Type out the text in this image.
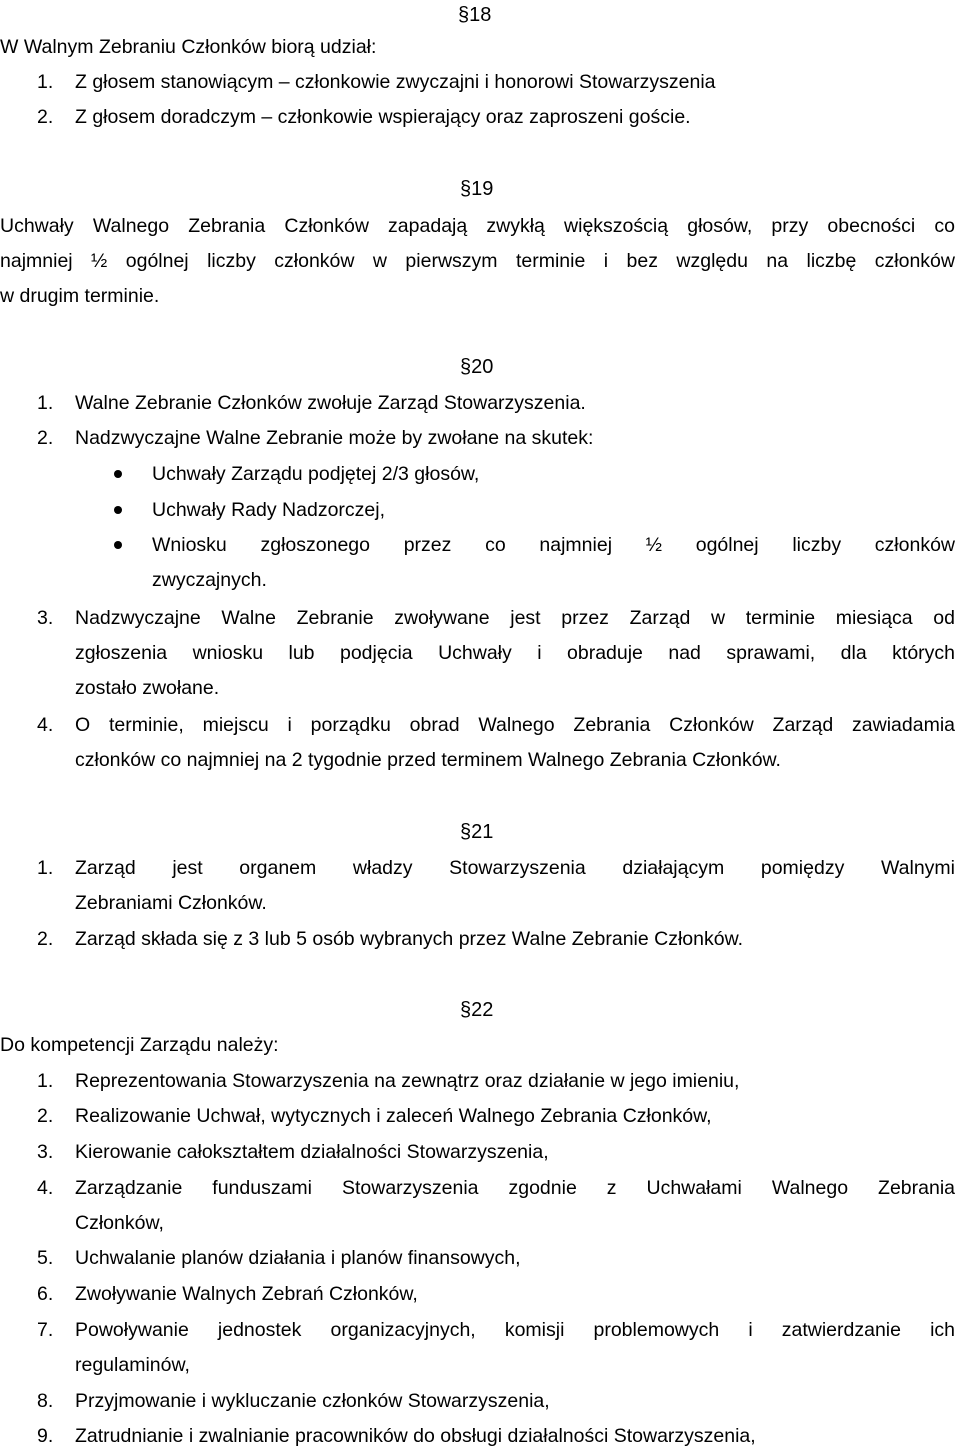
§18
W Walnym Zebraniu Członków biorą udział:
1. Z głosem stanowiącym – członkowie zwyczajni i honorowi Stowarzyszenia
2. Z głosem doradczym – członkowie wspierający oraz zaproszeni goście.
§19
Uchwały Walnego Zebrania Członków zapadają zwykłą większością głosów, przy obecności co
najmniej ½ ogólnej liczby członków w pierwszym terminie i bez względu na liczbę członków
w drugim terminie.
§20
1. Walne Zebranie Członków zwołuje Zarząd Stowarzyszenia.
2. Nadzwyczajne Walne Zebranie może by zwołane na skutek:
Uchwały Zarządu podjętej 2/3 głosów,
Uchwały Rady Nadzorczej,
Wniosku zgłoszonego przez co najmniej ½ ogólnej liczby członków
zwyczajnych.
3. Nadzwyczajne Walne Zebranie zwoływane jest przez Zarząd w terminie miesiąca od
zgłoszenia wniosku lub podjęcia Uchwały i obraduje nad sprawami, dla których
zostało zwołane.
4. O terminie, miejscu i porządku obrad Walnego Zebrania Członków Zarząd zawiadamia
członków co najmniej na 2 tygodnie przed terminem Walnego Zebrania Członków.
§21
1. Zarząd jest organem władzy Stowarzyszenia działającym pomiędzy Walnymi
Zebraniami Członków.
2. Zarząd składa się z 3 lub 5 osób wybranych przez Walne Zebranie Członków.
§22
Do kompetencji Zarządu należy:
1. Reprezentowania Stowarzyszenia na zewnątrz oraz działanie w jego imieniu,
2. Realizowanie Uchwał, wytycznych i zaleceń Walnego Zebrania Członków,
3. Kierowanie całokształtem działalności Stowarzyszenia,
4. Zarządzanie funduszami Stowarzyszenia zgodnie z Uchwałami Walnego Zebrania
Członków,
5. Uchwalanie planów działania i planów finansowych,
6. Zwoływanie Walnych Zebrań Członków,
7. Powoływanie jednostek organizacyjnych, komisji problemowych i zatwierdzanie ich
regulaminów,
8. Przyjmowanie i wykluczanie członków Stowarzyszenia,
9. Zatrudnianie i zwalnianie pracowników do obsługi działalności Stowarzyszenia,
